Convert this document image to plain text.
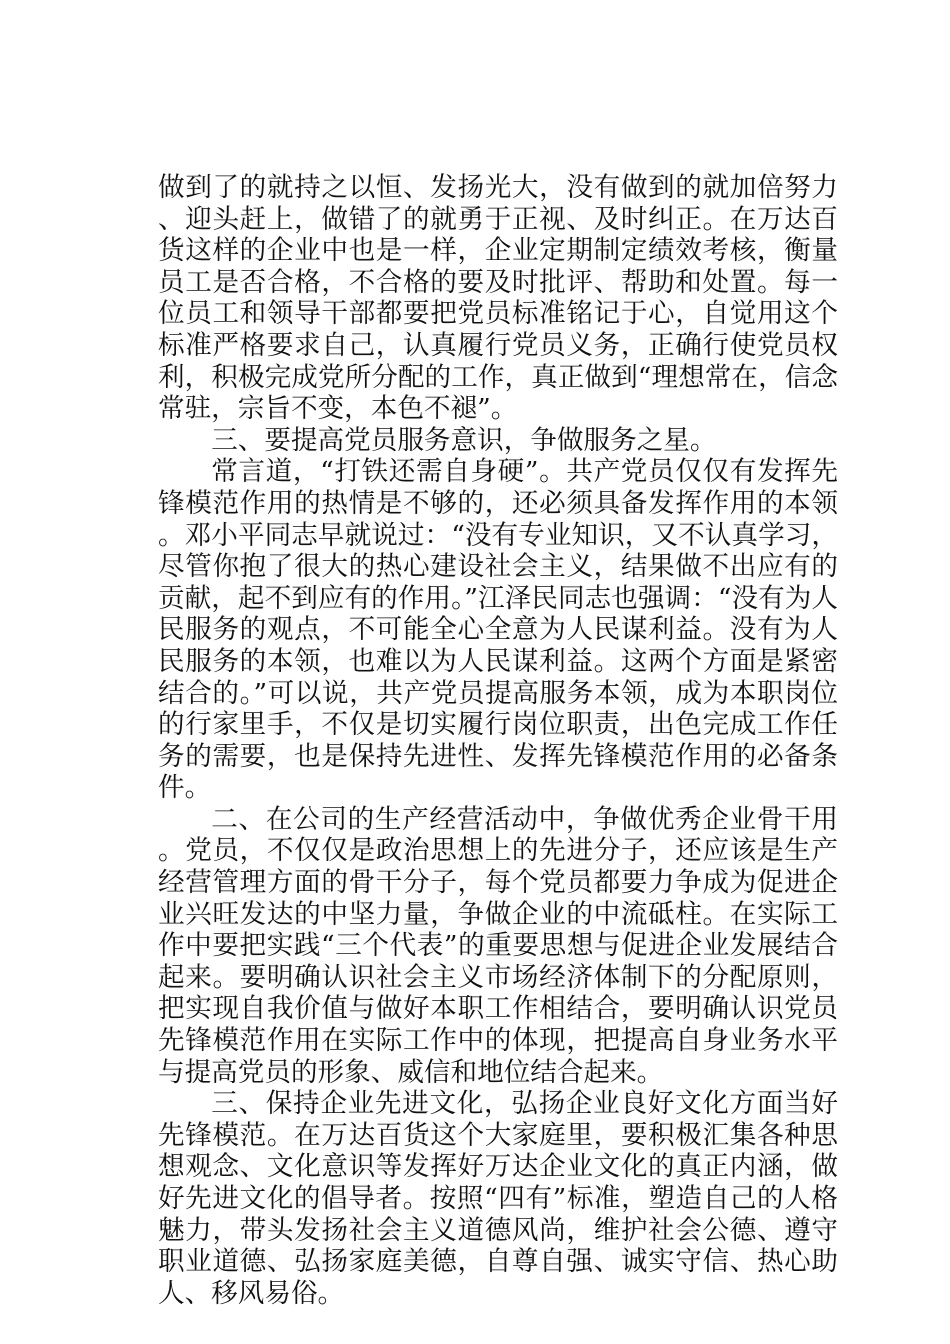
做到了的就持之以恒、发扬光大，没有做到的就加倍努力、迎头赶上，做错了的就勇于正视、及时纠正。在万达百货这样的企业中也是一样，企业定期制定绩效考核，衡量员工是否合格，不合格的要及时批评、帮助和处置。每一位员工和领导干部都要把党员标准铭记于心，自觉用这个标准严格要求自己，认真履行党员义务，正确行使党员权利，积极完成党所分配的工作，真正做到“理想常在，信念常驻，宗旨不变，本色不褪”。

三、要提高党员服务意识，争做服务之星。

常言道，“打铁还需自身硬”。共产党员仅仅有发挥先锋模范作用的热情是不够的，还必须具备发挥作用的本领。邓小平同志早就说过：“没有专业知识，又不认真学习，尽管你抱了很大的热心建设社会主义，结果做不出应有的贡献，起不到应有的作用。”江泽民同志也强调：“没有为人民服务的观点，不可能全心全意为人民谋利益。没有为人民服务的本领，也难以为人民谋利益。这两个方面是紧密结合的。”可以说，共产党员提高服务本领，成为本职岗位的行家里手，不仅是切实履行岗位职责，出色完成工作任务的需要，也是保持先进性、发挥先锋模范作用的必备条件。

二、在公司的生产经营活动中，争做优秀企业骨干用。党员，不仅仅是政治思想上的先进分子，还应该是生产经营管理方面的骨干分子，每个党员都要力争成为促进企业兴旺发达的中坚力量，争做企业的中流砥柱。在实际工作中要把实践“三个代表”的重要思想与促进企业发展结合起来。要明确认识社会主义市场经济体制下的分配原则，把实现自我价值与做好本职工作相结合，要明确认识党员先锋模范作用在实际工作中的体现，把提高自身业务水平与提高党员的形象、威信和地位结合起来。

三、保持企业先进文化，弘扬企业良好文化方面当好先锋模范。在万达百货这个大家庭里，要积极汇集各种思想观念、文化意识等发挥好万达企业文化的真正内涵，做好先进文化的倡导者。按照“四有”标准，塑造自己的人格魅力，带头发扬社会主义道德风尚，维护社会公德、遵守职业道德、弘扬家庭美德，自尊自强、诚实守信、热心助人、移风易俗。
